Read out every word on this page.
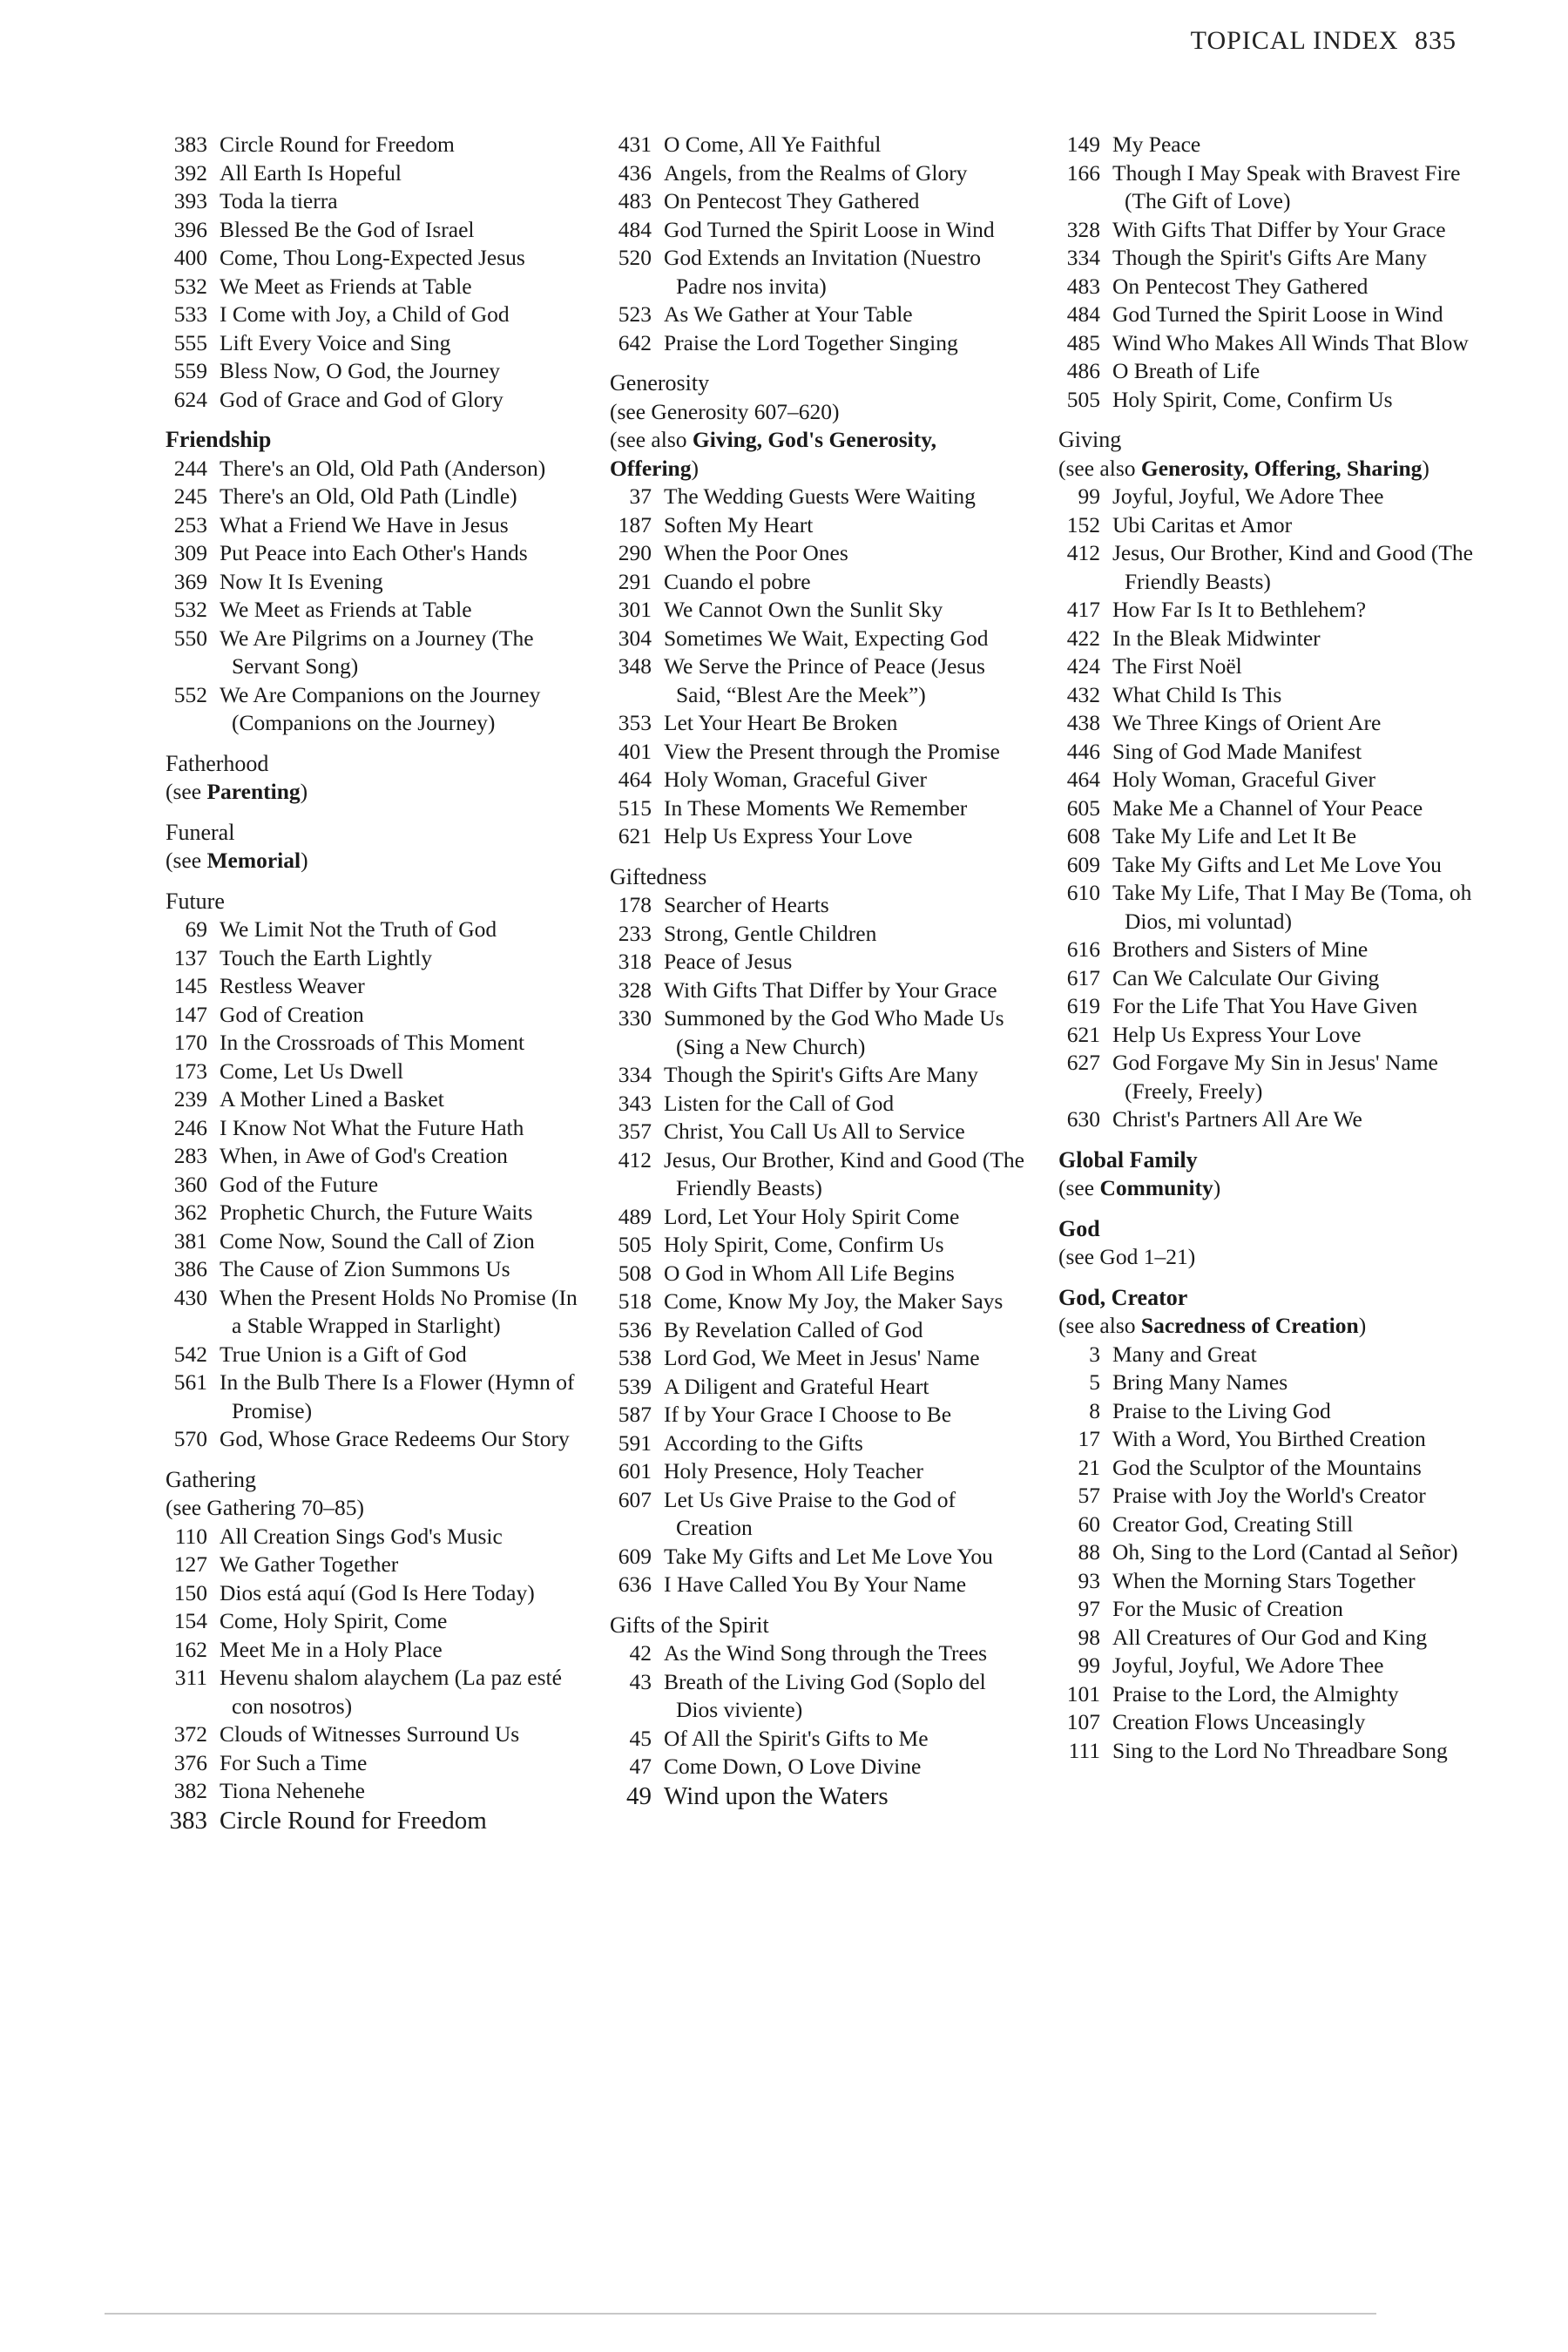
TOPICAL INDEX 835
383 Circle Round for Freedom
392 All Earth Is Hopeful
393 Toda la tierra
396 Blessed Be the God of Israel
400 Come, Thou Long-Expected Jesus
532 We Meet as Friends at Table
533 I Come with Joy, a Child of God
555 Lift Every Voice and Sing
559 Bless Now, O God, the Journey
624 God of Grace and God of Glory
Friendship
244 There's an Old, Old Path (Anderson)
245 There's an Old, Old Path (Lindle)
253 What a Friend We Have in Jesus
309 Put Peace into Each Other's Hands
369 Now It Is Evening
532 We Meet as Friends at Table
550 We Are Pilgrims on a Journey (The Servant Song)
552 We Are Companions on the Journey (Companions on the Journey)
Fatherhood
(see Parenting)
Funeral
(see Memorial)
Future
69 We Limit Not the Truth of God
137 Touch the Earth Lightly
145 Restless Weaver
147 God of Creation
170 In the Crossroads of This Moment
173 Come, Let Us Dwell
239 A Mother Lined a Basket
246 I Know Not What the Future Hath
283 When, in Awe of God's Creation
360 God of the Future
362 Prophetic Church, the Future Waits
381 Come Now, Sound the Call of Zion
386 The Cause of Zion Summons Us
430 When the Present Holds No Promise (In a Stable Wrapped in Starlight)
542 True Union is a Gift of God
561 In the Bulb There Is a Flower (Hymn of Promise)
570 God, Whose Grace Redeems Our Story
Gathering
(see Gathering 70–85)
110 All Creation Sings God's Music
127 We Gather Together
150 Dios está aquí (God Is Here Today)
154 Come, Holy Spirit, Come
162 Meet Me in a Holy Place
311 Hevenu shalom alaychem (La paz esté con nosotros)
372 Clouds of Witnesses Surround Us
376 For Such a Time
382 Tiona Nehenehe
383 Circle Round for Freedom
431 O Come, All Ye Faithful
436 Angels, from the Realms of Glory
483 On Pentecost They Gathered
484 God Turned the Spirit Loose in Wind
520 God Extends an Invitation (Nuestro Padre nos invita)
523 As We Gather at Your Table
642 Praise the Lord Together Singing
Generosity
(see Generosity 607–620)
(see also Giving, God's Generosity, Offering)
37 The Wedding Guests Were Waiting
187 Soften My Heart
290 When the Poor Ones
291 Cuando el pobre
301 We Cannot Own the Sunlit Sky
304 Sometimes We Wait, Expecting God
348 We Serve the Prince of Peace (Jesus Said, “Blest Are the Meek”)
353 Let Your Heart Be Broken
401 View the Present through the Promise
464 Holy Woman, Graceful Giver
515 In These Moments We Remember
621 Help Us Express Your Love
Giftedness
178 Searcher of Hearts
233 Strong, Gentle Children
318 Peace of Jesus
328 With Gifts That Differ by Your Grace
330 Summoned by the God Who Made Us (Sing a New Church)
334 Though the Spirit's Gifts Are Many
343 Listen for the Call of God
357 Christ, You Call Us All to Service
412 Jesus, Our Brother, Kind and Good (The Friendly Beasts)
489 Lord, Let Your Holy Spirit Come
505 Holy Spirit, Come, Confirm Us
508 O God in Whom All Life Begins
518 Come, Know My Joy, the Maker Says
536 By Revelation Called of God
538 Lord God, We Meet in Jesus' Name
539 A Diligent and Grateful Heart
587 If by Your Grace I Choose to Be
591 According to the Gifts
601 Holy Presence, Holy Teacher
607 Let Us Give Praise to the God of Creation
609 Take My Gifts and Let Me Love You
636 I Have Called You By Your Name
Gifts of the Spirit
42 As the Wind Song through the Trees
43 Breath of the Living God (Soplo del Dios viviente)
45 Of All the Spirit's Gifts to Me
47 Come Down, O Love Divine
49 Wind upon the Waters
149 My Peace
166 Though I May Speak with Bravest Fire (The Gift of Love)
328 With Gifts That Differ by Your Grace
334 Though the Spirit's Gifts Are Many
483 On Pentecost They Gathered
484 God Turned the Spirit Loose in Wind
485 Wind Who Makes All Winds That Blow
486 O Breath of Life
505 Holy Spirit, Come, Confirm Us
Giving
(see also Generosity, Offering, Sharing)
99 Joyful, Joyful, We Adore Thee
152 Ubi Caritas et Amor
412 Jesus, Our Brother, Kind and Good (The Friendly Beasts)
417 How Far Is It to Bethlehem?
422 In the Bleak Midwinter
424 The First Noël
432 What Child Is This
438 We Three Kings of Orient Are
446 Sing of God Made Manifest
464 Holy Woman, Graceful Giver
605 Make Me a Channel of Your Peace
608 Take My Life and Let It Be
609 Take My Gifts and Let Me Love You
610 Take My Life, That I May Be (Toma, oh Dios, mi voluntad)
616 Brothers and Sisters of Mine
617 Can We Calculate Our Giving
619 For the Life That You Have Given
621 Help Us Express Your Love
627 God Forgave My Sin in Jesus' Name (Freely, Freely)
630 Christ's Partners All Are We
Global Family
(see Community)
God
(see God 1–21)
God, Creator
(see also Sacredness of Creation)
3 Many and Great
5 Bring Many Names
8 Praise to the Living God
17 With a Word, You Birthed Creation
21 God the Sculptor of the Mountains
57 Praise with Joy the World's Creator
60 Creator God, Creating Still
88 Oh, Sing to the Lord (Cantad al Señor)
93 When the Morning Stars Together
97 For the Music of Creation
98 All Creatures of Our God and King
99 Joyful, Joyful, We Adore Thee
101 Praise to the Lord, the Almighty
107 Creation Flows Unceasingly
111 Sing to the Lord No Threadbare Song
